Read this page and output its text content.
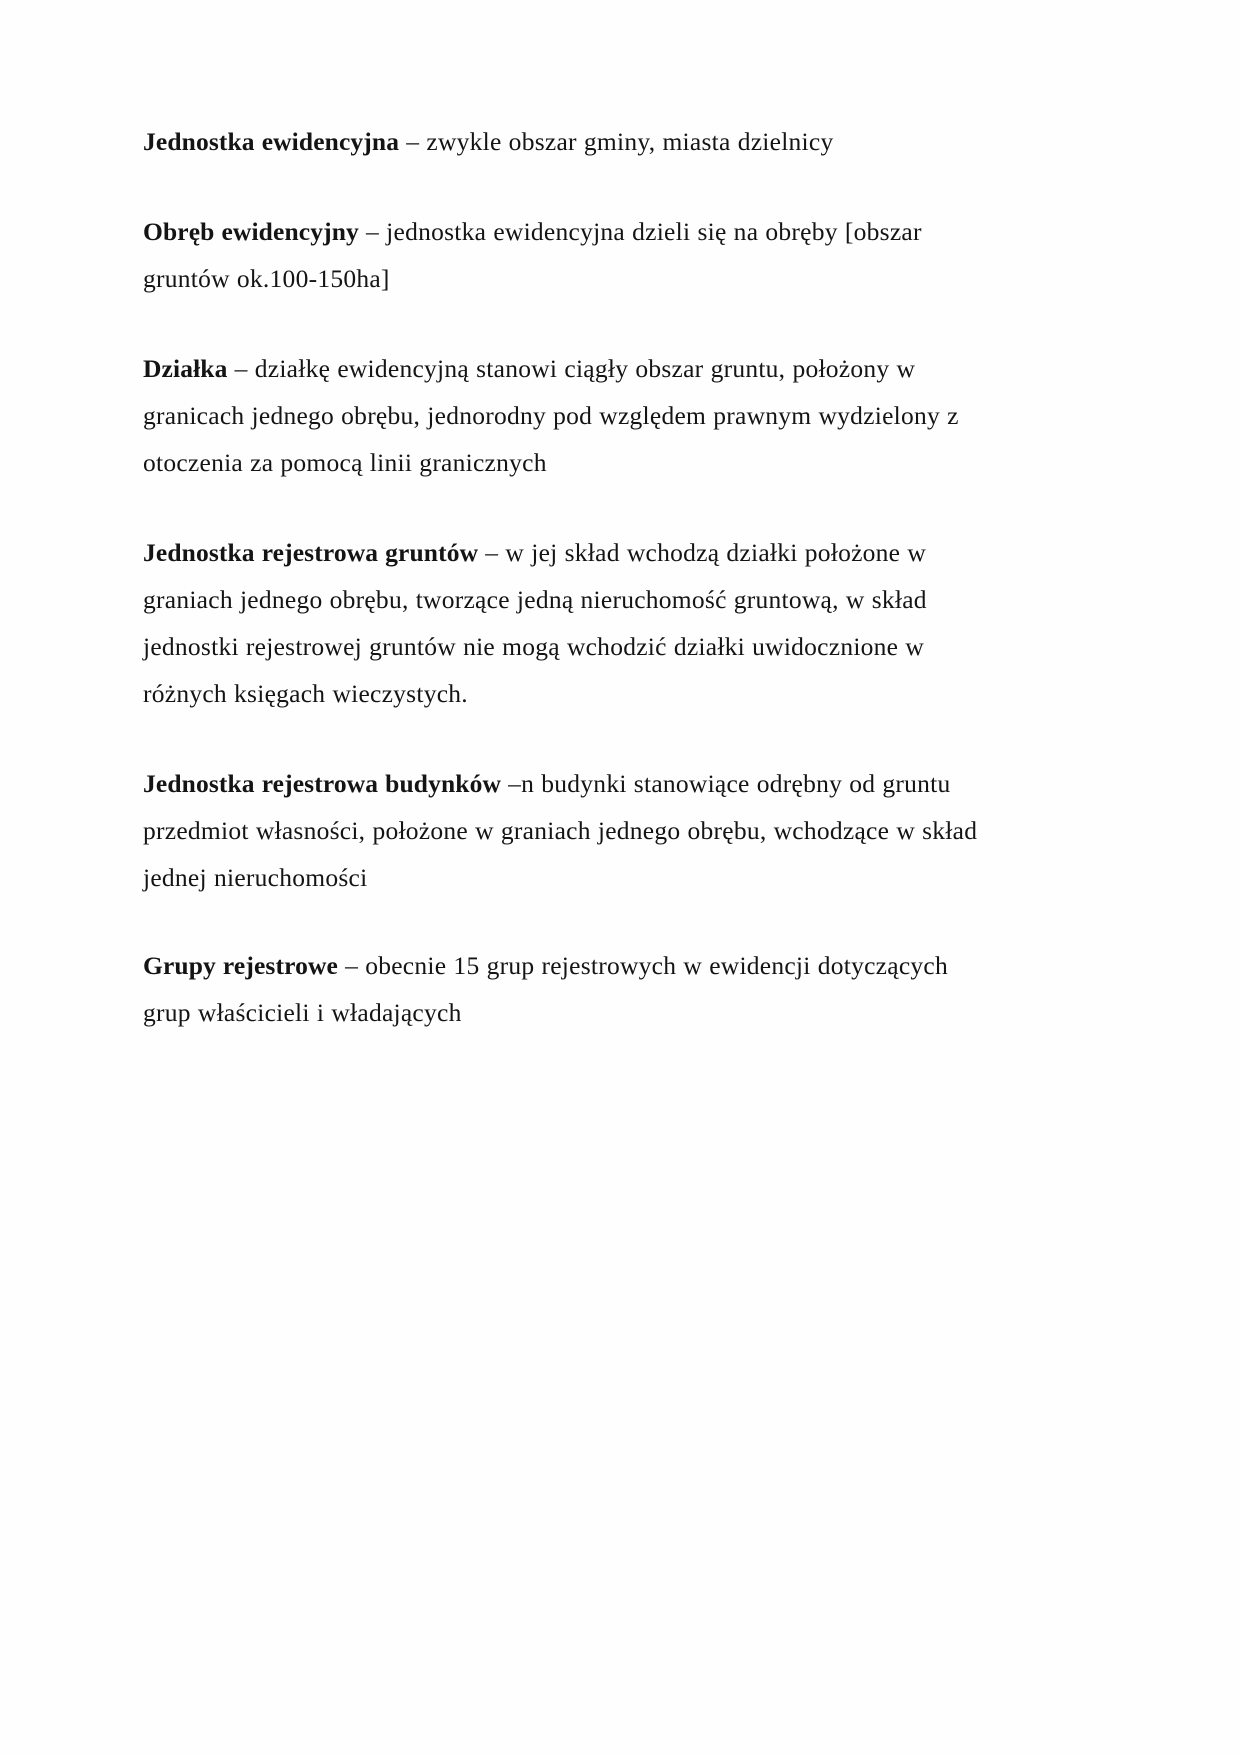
Jednostka ewidencyjna – zwykle obszar gminy, miasta dzielnicy

Obręb ewidencyjny – jednostka ewidencyjna dzieli się na obręby [obszar gruntów ok.100-150ha]

Działka – działkę ewidencyjną stanowi ciągły obszar gruntu, położony w granicach jednego obrębu, jednorodny pod względem prawnym wydzielony z otoczenia za pomocą linii granicznych

Jednostka rejestrowa gruntów – w jej skład wchodzą działki położone w graniach jednego obrębu, tworzące jedną nieruchomość gruntową, w skład jednostki rejestrowej gruntów nie mogą wchodzić działki uwidocznione w różnych księgach wieczystych.

Jednostka rejestrowa budynków –n budynki stanowiące odrębny od gruntu przedmiot własności, położone w graniach jednego obrębu, wchodzące w skład jednej nieruchomości

Grupy rejestrowe – obecnie 15 grup rejestrowych w ewidencji dotyczących grup właścicieli i władających
